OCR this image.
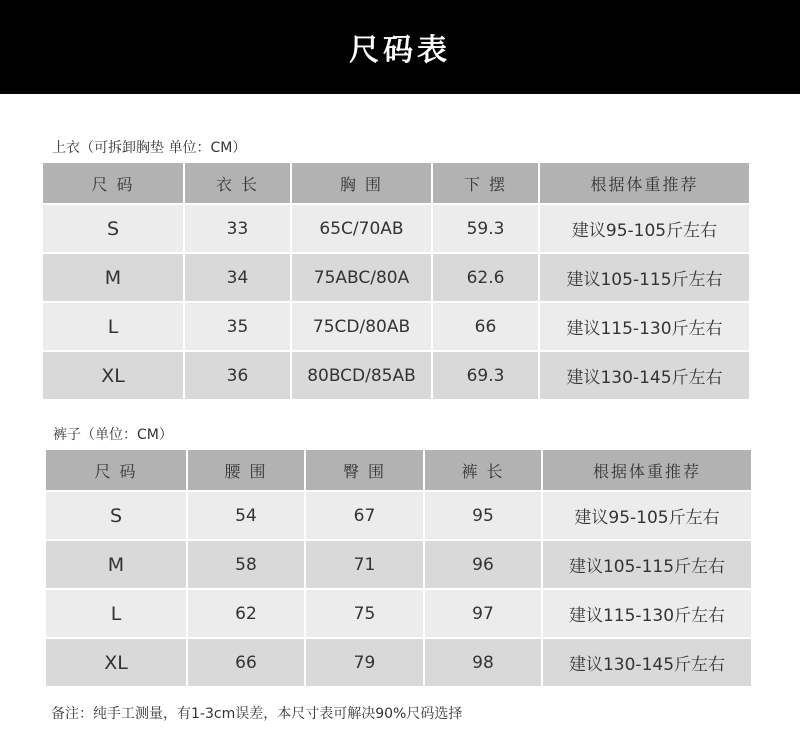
尺码表
上衣（可拆卸胸垫 单位：CM）
尺 码	衣 长	胸 围	下 摆	根据体重推荐
S	33	65C/70AB	59.3	建议95-105斤左右
M	34	75ABC/80A	62.6	建议105-115斤左右
L	35	75CD/80AB	66	建议115-130斤左右
XL	36	80BCD/85AB	69.3	建议130-145斤左右
裤子（单位：CM）
尺 码	腰 围	臀 围	裤 长	根据体重推荐
S	54	67	95	建议95-105斤左右
M	58	71	96	建议105-115斤左右
L	62	75	97	建议115-130斤左右
XL	66	79	98	建议130-145斤左右
备注：纯手工测量，有1-3cm误差，本尺寸表可解决90%尺码选择
